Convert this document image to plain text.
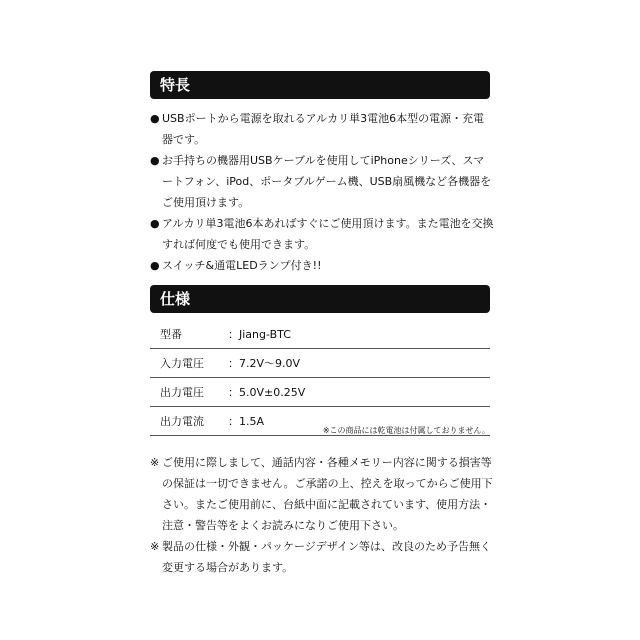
特長

● USBポートから電源を取れるアルカリ単3電池6本型の電源・充電器です。

● お手持ちの機器用USBケーブルを使用してiPhoneシリーズ、スマートフォン、iPod、ポータブルゲーム機、USB扇風機など各機器をご使用頂けます。

● アルカリ単3電池6本あればすぐにご使用頂けます。また電池を交換すれば何度でも使用できます。

● スイッチ&通電LEDランプ付き!!

仕様
型番	：	Jiang-BTC
入力電圧	：	7.2V〜9.0V
出力電圧	：	5.0V±0.25V
出力電流	：	1.5A
※この商品には乾電池は付属しておりません。

※ ご使用に際しまして、通話内容・各種メモリー内容に関する損害等の保証は一切できません。ご承諾の上、控えを取ってからご使用下さい。またご使用前に、台紙中面に記載されています、使用方法・注意・警告等をよくお読みになりご使用下さい。

※ 製品の仕様・外観・パッケージデザイン等は、改良のため予告無く変更する場合があります。
